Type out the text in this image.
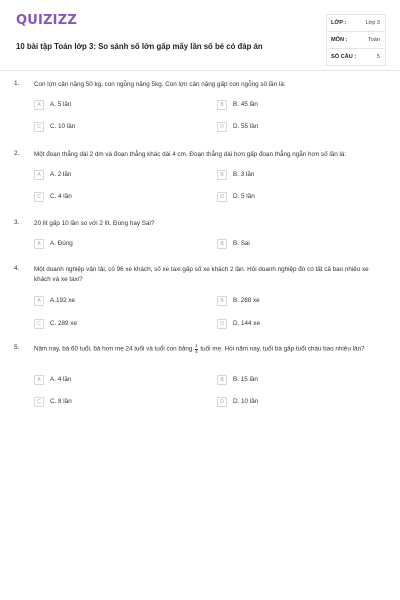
QUIZIZZ
10 bài tập Toán lớp 3: So sánh số lớn gấp mấy lần số bé có đáp án
LỚP :	Lớp 3
MÔN :	Toán
SỐ CÂU :	5
1. Con lợn cân nặng 50 kg, con ngỗng nặng 5kg. Con lợn cân nặng gấp con ngỗng số lần là:
A	A. 5 lần	B	B. 45 lần
C	C. 10 lần	D	D. 55 lần
2. Một đoạn thẳng dài 2 dm và đoạn thẳng khác dài 4 cm. Đoạn thẳng dài hơn gấp đoạn thẳng ngắn hơn số lần là:
A	A. 2 lần	B	B. 3 lần
C	C. 4 lần	D	D. 5 lần
3. 20 lít gấp 10 lần so với 2 lít. Đúng hay Sai?
A	A. Đúng	B	B. Sai
4. Một doanh nghiệp vận tải, có 96 xe khách, số xe taxi gấp số xe khách 2 lần. Hỏi doanh nghiệp đó có tất cả bao nhiêu xe khách và xe taxi?
A	A.192 xe	B	B. 288 xe
C	C. 289 xe	D	D. 144 xe
5. Năm nay, bà 60 tuổi, bà hơn mẹ 24 tuổi và tuổi con bằng $\frac{1}{4}$ tuổi mẹ. Hỏi năm nay, tuổi bà gấp tuổi cháu bao nhiêu lần?
A	A. 4 lần	B	B. 15 lần
C	C. 8 lần	D	D. 10 lần
